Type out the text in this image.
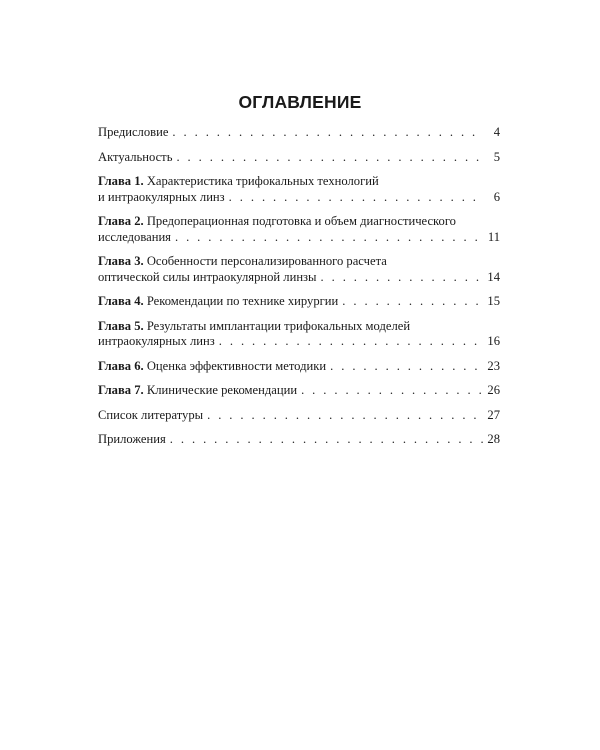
ОГЛАВЛЕНИЕ
Предисловие . . .	4
Актуальность . . .	5
Глава 1. Характеристика трифокальных технологий
и интраокулярных линз . . .	6
Глава 2. Предоперационная подготовка и объем диагностического
исследования . . .	11
Глава 3. Особенности персонализированного расчета
оптической силы интраокулярной линзы . . .	14
Глава 4. Рекомендации по технике хирургии . . .	15
Глава 5. Результаты имплантации трифокальных моделей
интраокулярных линз . . .	16
Глава 6. Оценка эффективности методики . . .	23
Глава 7. Клинические рекомендации . . .	26
Список литературы . . .	27
Приложения . . .	28
